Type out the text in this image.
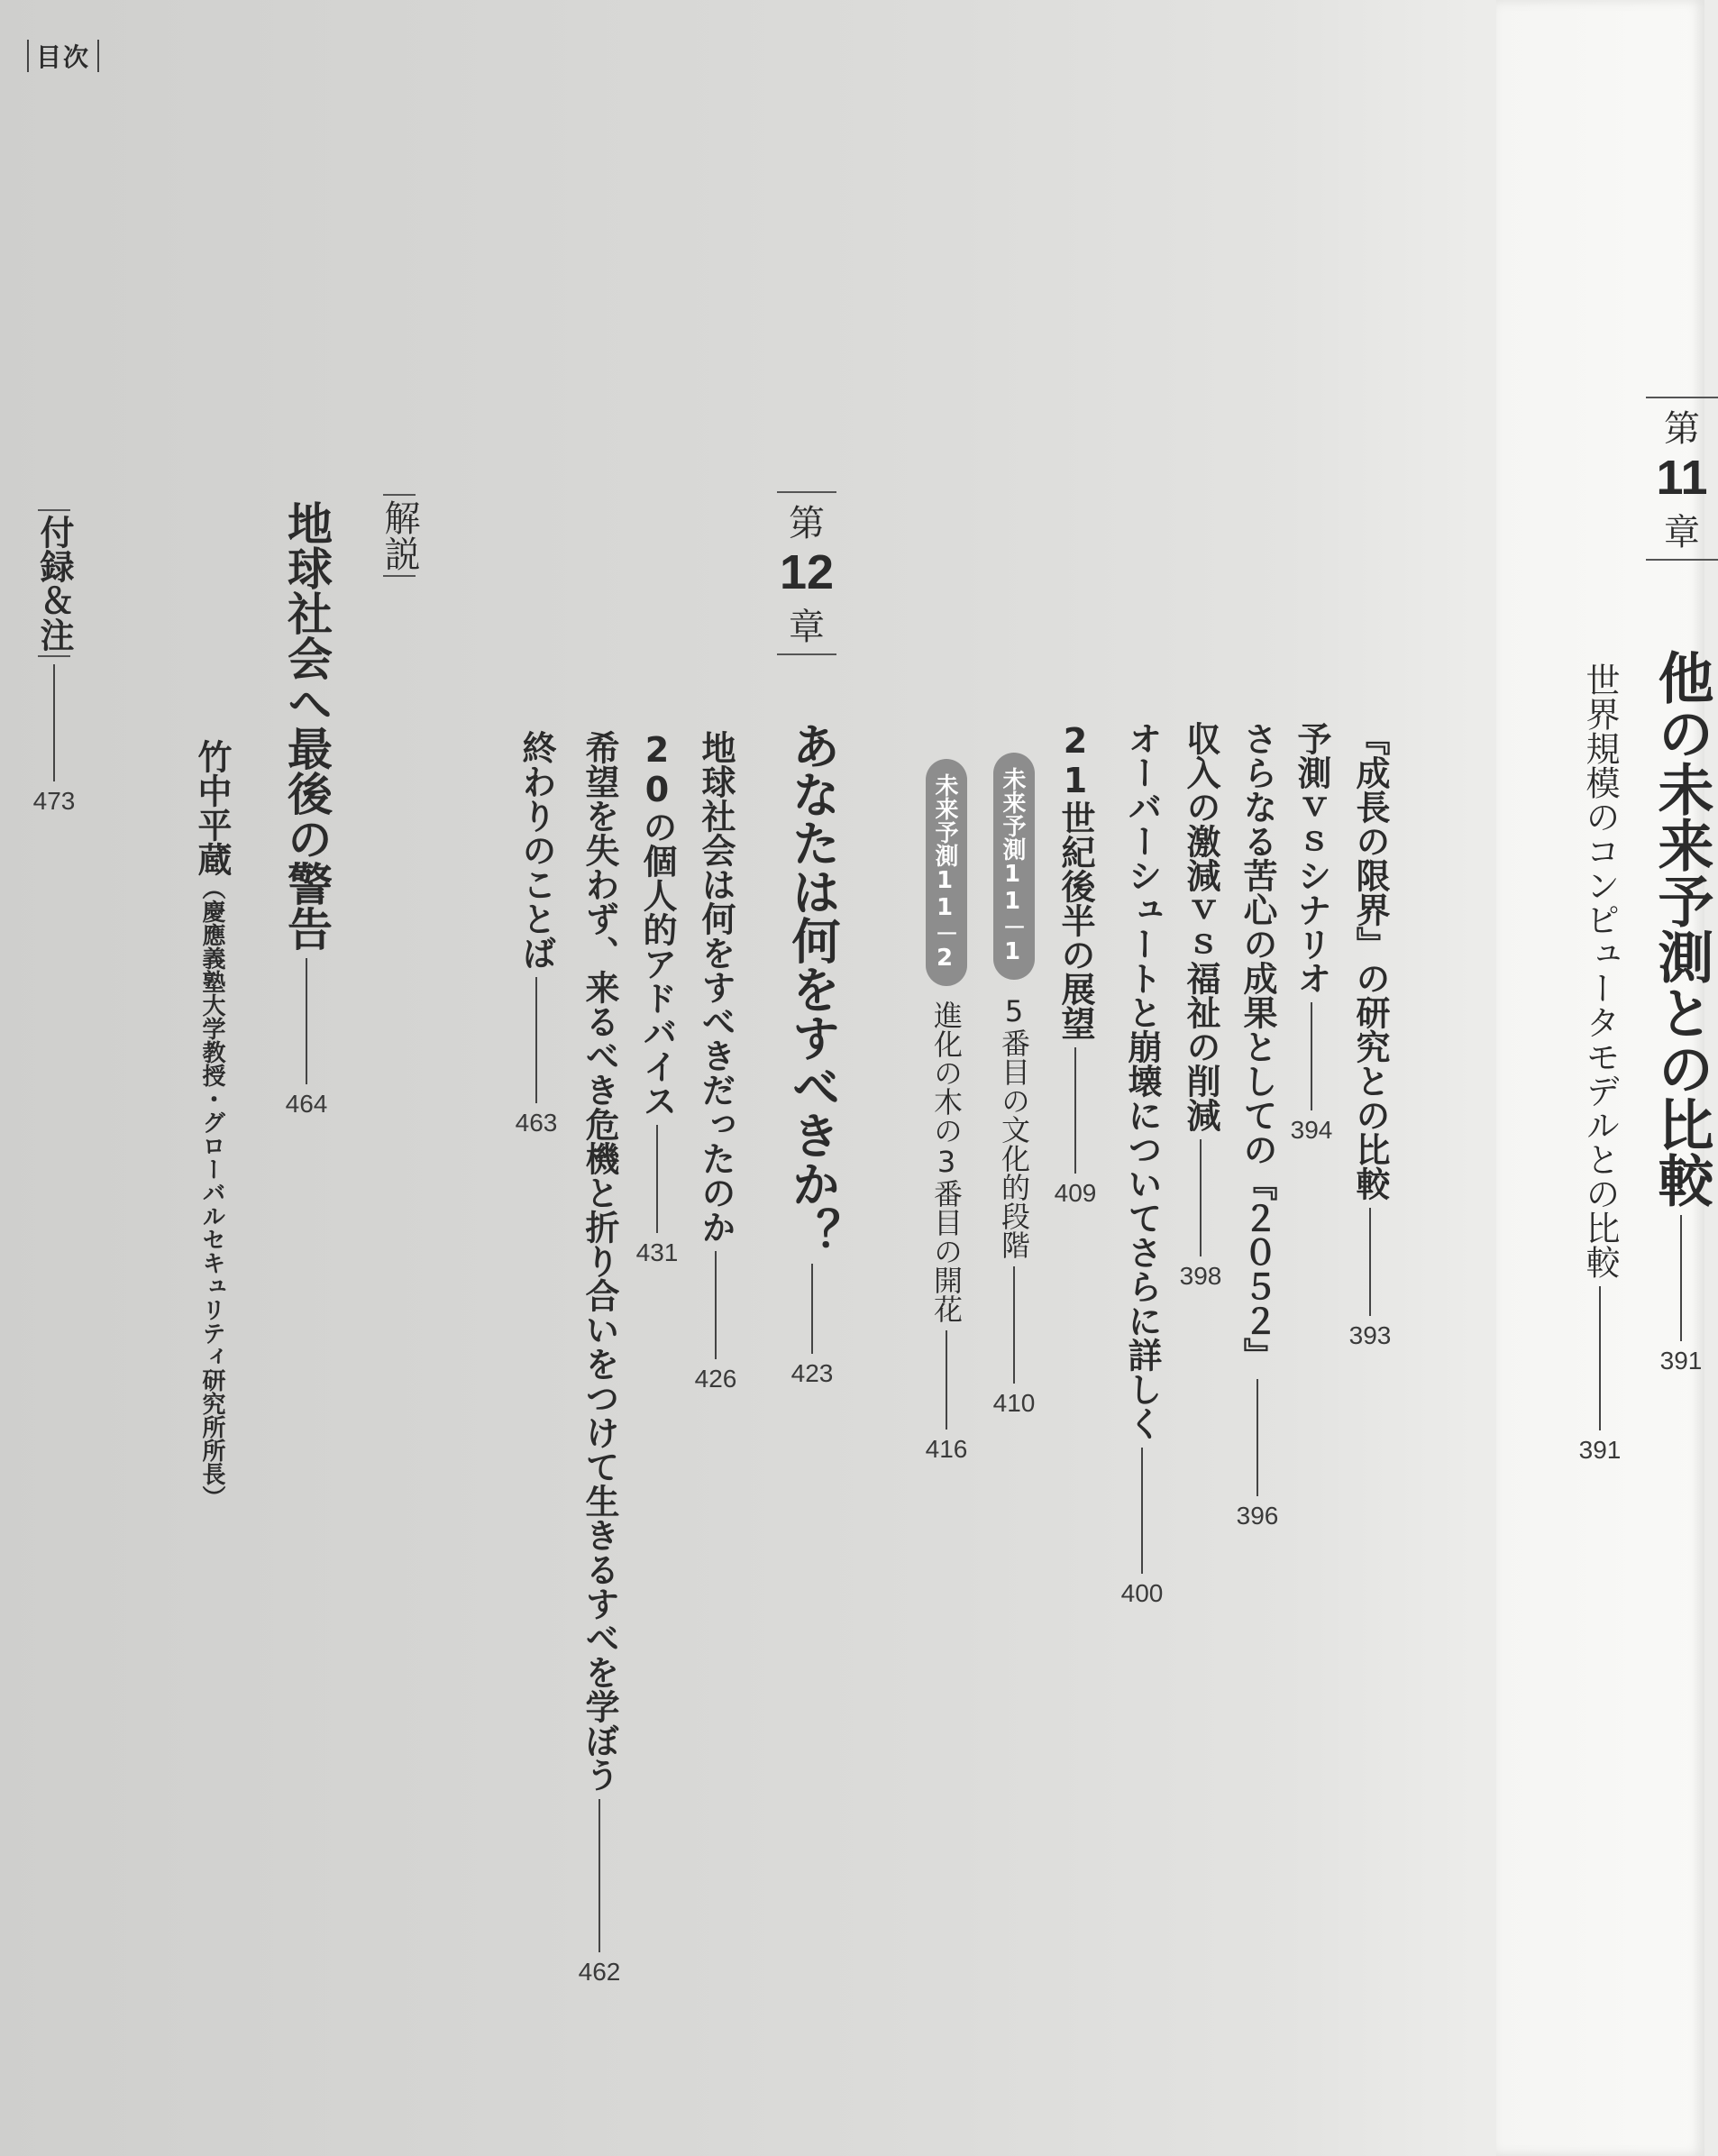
目次
第
11
章
他の未来予測との比較
391
世界規模のコンピュータモデルとの比較
391
『成長の限界』の研究との比較
393
予測ｖｓシナリオ
394
さらなる苦心の成果としての『２０５２』
396
収入の激減ｖｓ福祉の削減
398
オーバーシュートと崩壊についてさらに詳しく
400
21世紀後半の展望
409
未来予測11－1
5番目の文化的段階
410
未来予測11－2
進化の木の3番目の開花
416
第
12
章
あなたは何をすべきか？
423
地球社会は何をすべきだったのか
426
20の個人的アドバイス
431
希望を失わず、来るべき危機と折り合いをつけて生きるすべを学ぼう
462
終わりのことば
463
解説
地球社会へ最後の警告
464
竹中平蔵
（慶應義塾大学教授・グローバルセキュリティ研究所所長）
付録＆注
473
